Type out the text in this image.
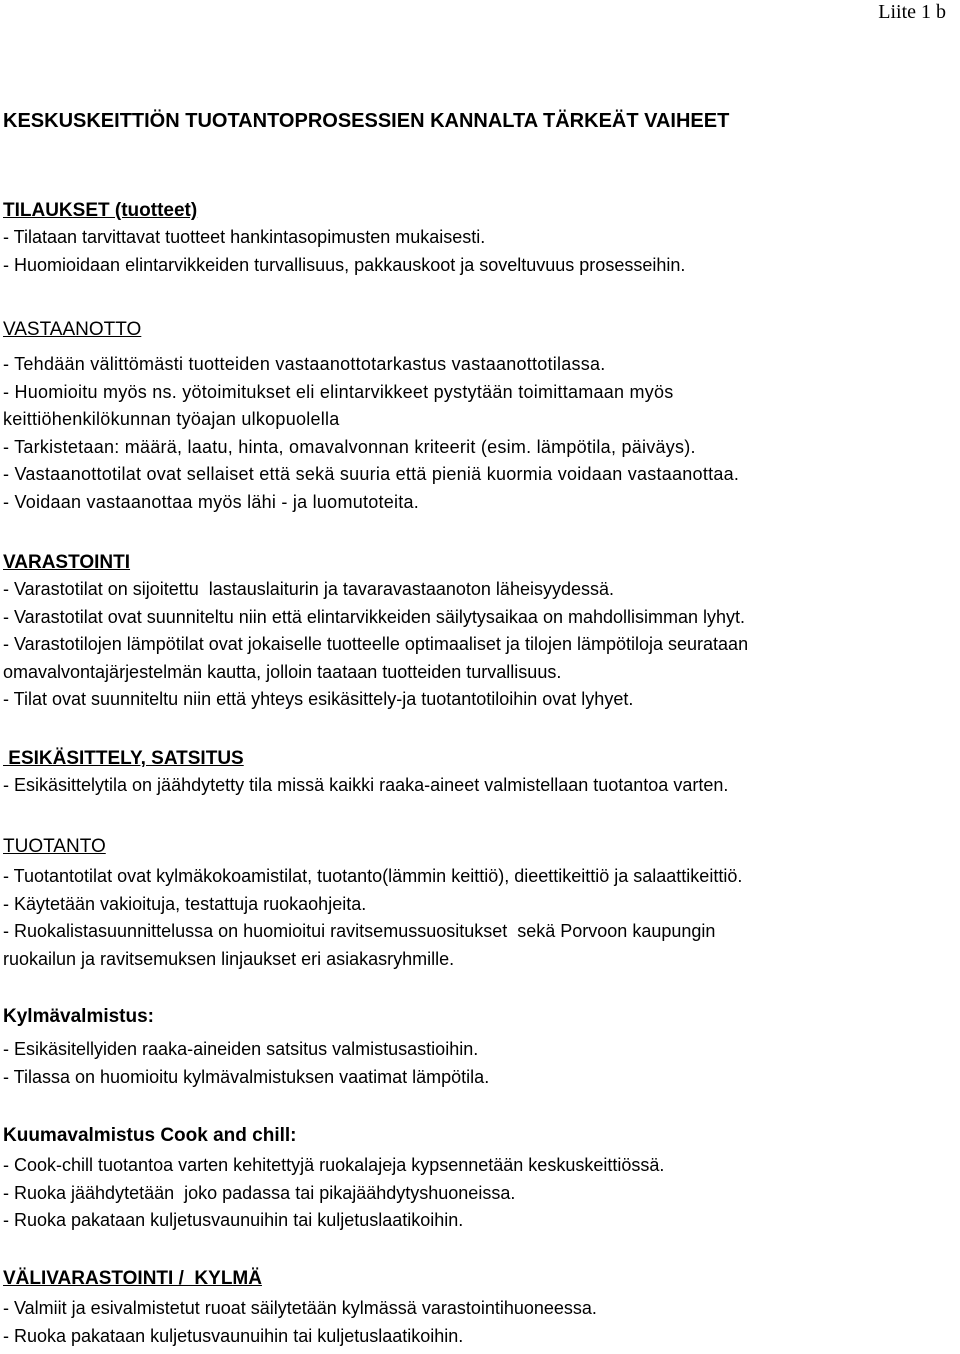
Liite 1 b
KESKUSKEITTIÖN TUOTANTOPROSESSIEN KANNALTA TÄRKEÄT VAIHEET
TILAUKSET (tuotteet)
- Tilataan tarvittavat tuotteet hankintasopimusten mukaisesti.
- Huomioidaan elintarvikkeiden turvallisuus, pakkauskoot ja soveltuvuus prosesseihin.
VASTAANOTTO
- Tehdään välittömästi tuotteiden vastaanottotarkastus vastaanottotilassa.
- Huomioitu myös ns. yötoimitukset eli elintarvikkeet pystytään toimittamaan myös
keittiöhenkilökunnan työajan ulkopuolella
- Tarkistetaan: määrä, laatu, hinta, omavalvonnan kriteerit (esim. lämpötila, päiväys).
- Vastaanottotilat ovat sellaiset että sekä suuria että pieniä kuormia voidaan vastaanottaa.
- Voidaan vastaanottaa myös lähi - ja luomutoteita.
VARASTOINTI
- Varastotilat on sijoitettu  lastauslaiturin ja tavaravastaanoton läheisyydessä.
- Varastotilat ovat suunniteltu niin että elintarvikkeiden säilytysaikaa on mahdollisimman lyhyt.
- Varastotilojen lämpötilat ovat jokaiselle tuotteelle optimaaliset ja tilojen lämpötiloja seurataan
omavalvontajärjestelmän kautta, jolloin taataan tuotteiden turvallisuus.
- Tilat ovat suunniteltu niin että yhteys esikäsittely-ja tuotantotiloihin ovat lyhyet.
ESIKÄSITTELY, SATSITUS
- Esikäsittelytila on jäähdytetty tila missä kaikki raaka-aineet valmistellaan tuotantoa varten.
TUOTANTO
- Tuotantotilat ovat kylmäkokoamistilat, tuotanto(lämmin keittiö), dieettikeittiö ja salaattikeittiö.
- Käytetään vakioituja, testattuja ruokaohjeita.
- Ruokalistasuunnittelussa on huomioitui ravitsemussuositukset  sekä Porvoon kaupungin
ruokailun ja ravitsemuksen linjaukset eri asiakasryhmille.
Kylmävalmistus:
- Esikäsitellyiden raaka-aineiden satsitus valmistusastioihin.
- Tilassa on huomioitu kylmävalmistuksen vaatimat lämpötila.
Kuumavalmistus Cook and chill:
- Cook-chill tuotantoa varten kehitettyjä ruokalajeja kypsennetään keskuskeittiössä.
- Ruoka jäähdytetään  joko padassa tai pikajäähdytyshuoneissa.
- Ruoka pakataan kuljetusvaunuihin tai kuljetuslaatikoihin.
VÄLIVARASTOINTI /  KYLMÄ
- Valmiit ja esivalmistetut ruoat säilytetään kylmässä varastointihuoneessa.
- Ruoka pakataan kuljetusvaunuihin tai kuljetuslaatikoihin.
